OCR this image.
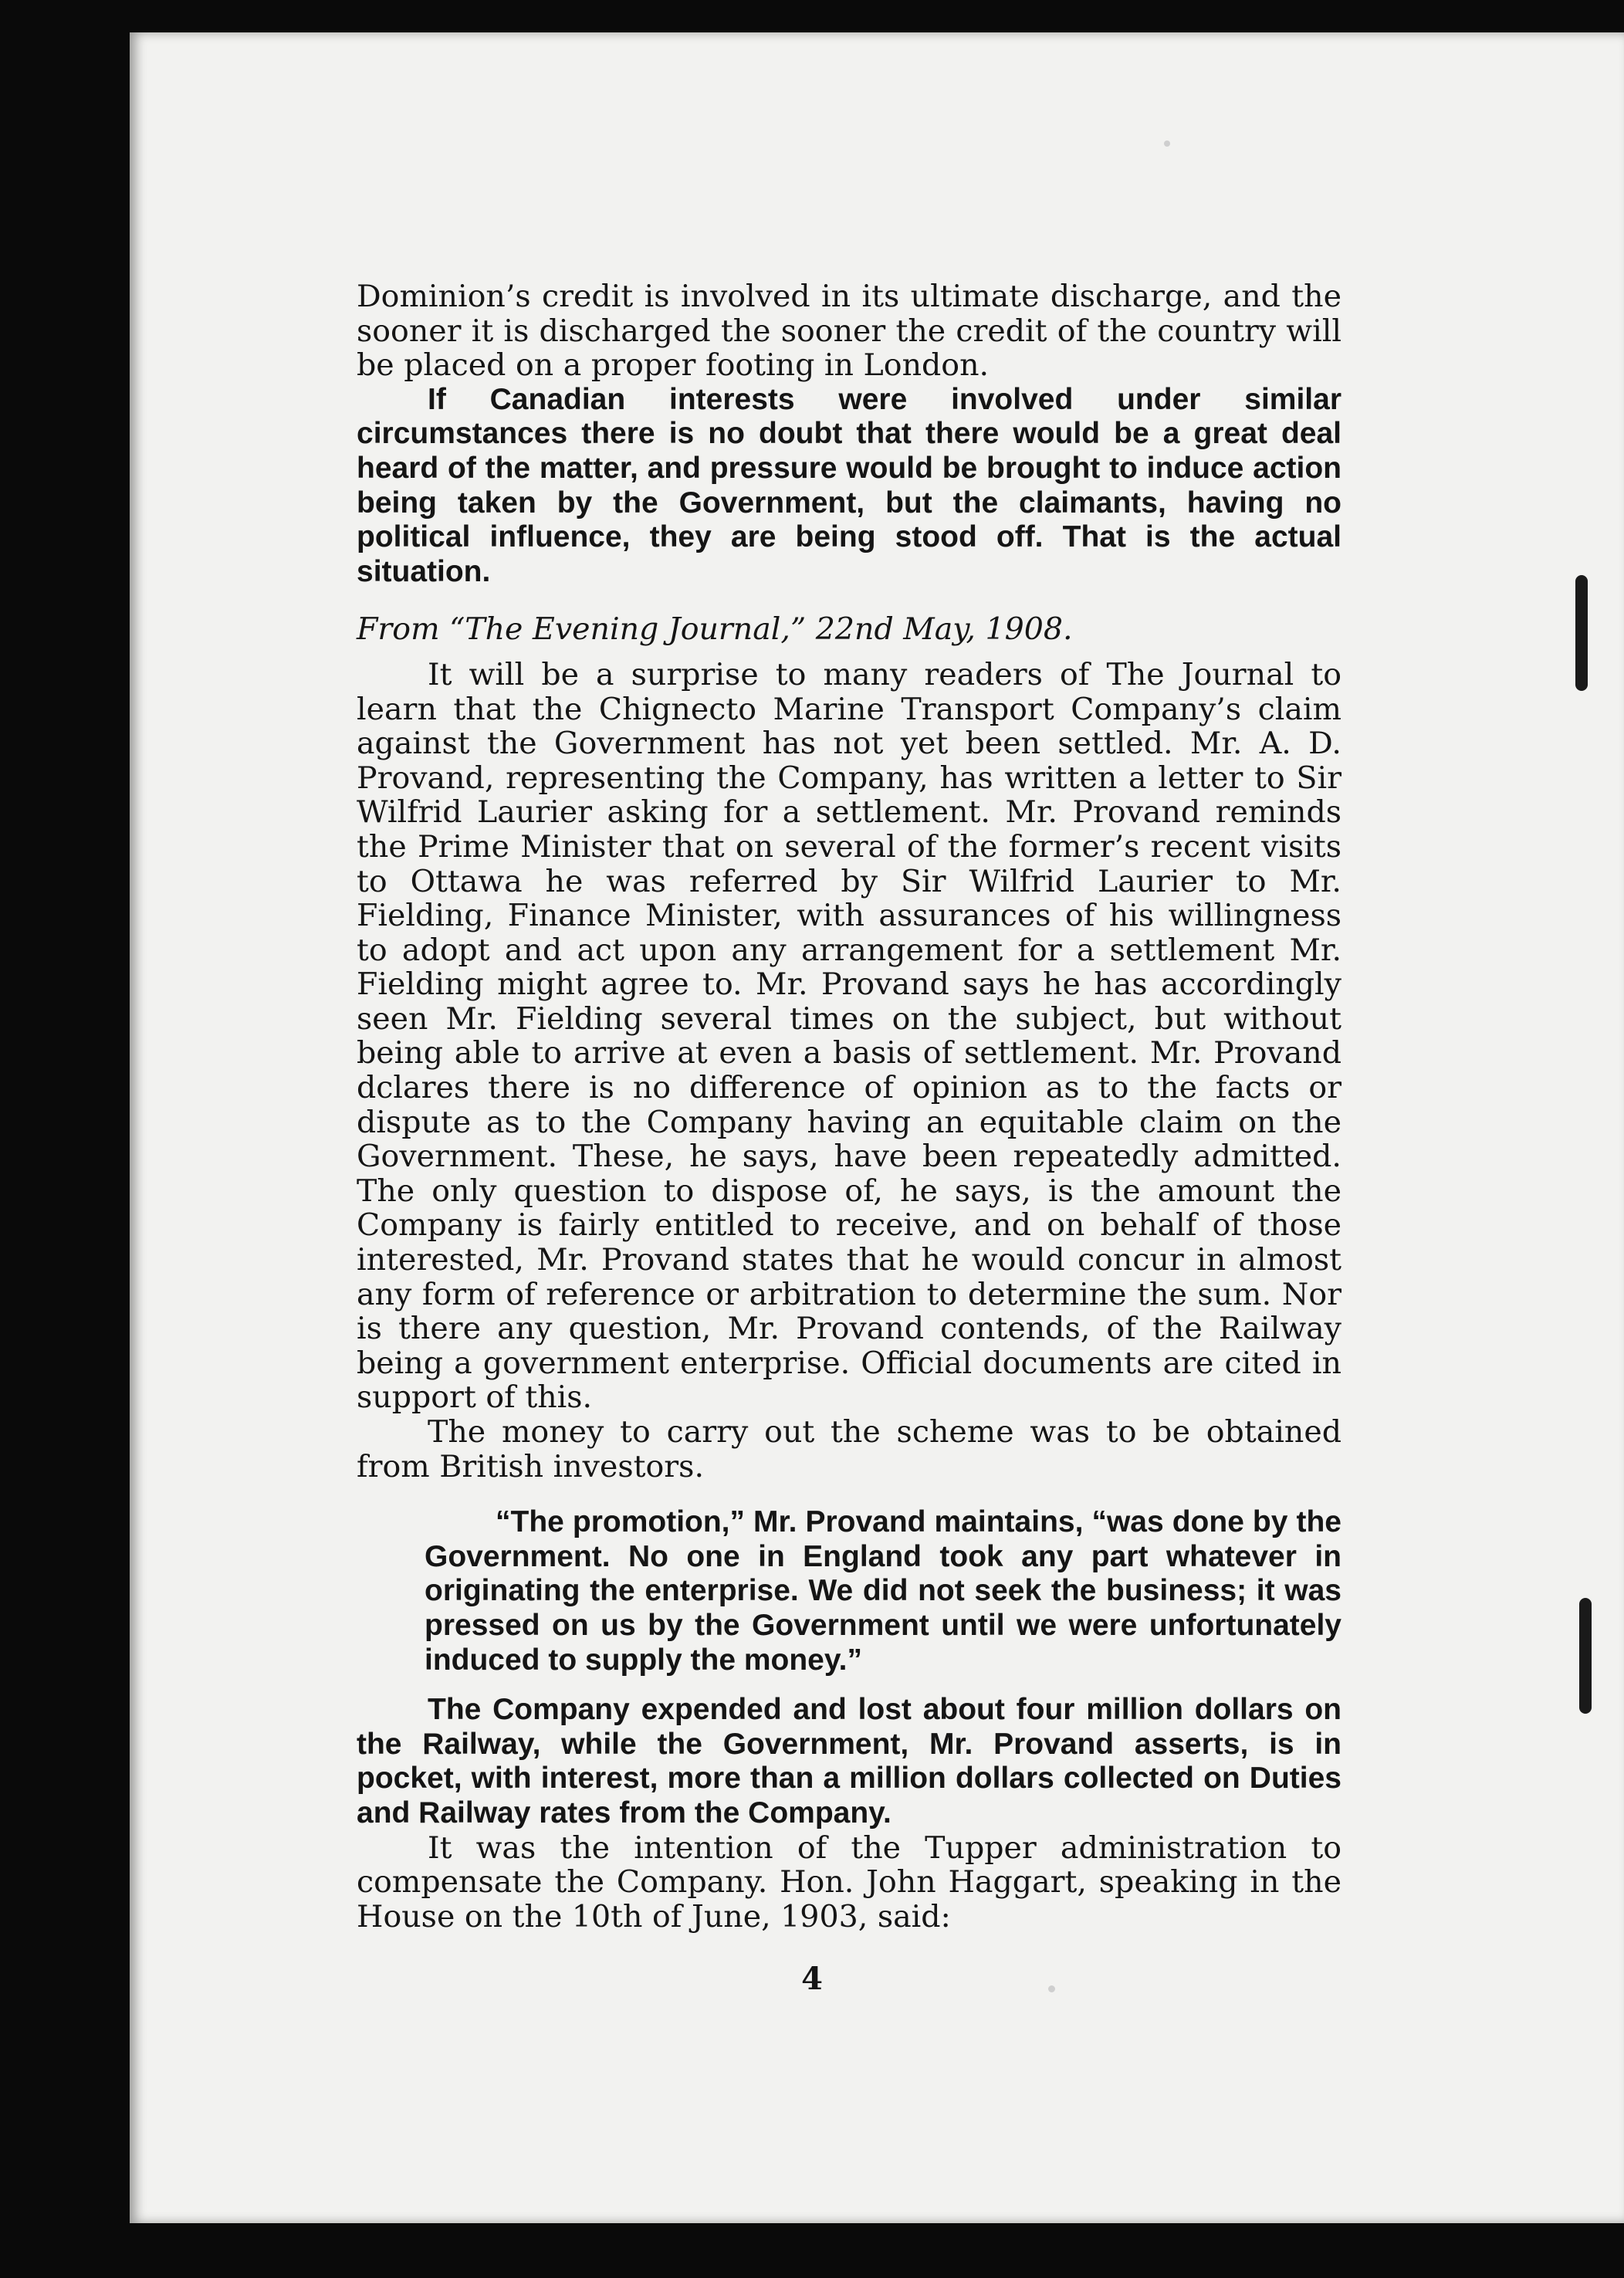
Dominion’s credit is involved in its ultimate discharge, and the sooner it is discharged the sooner the credit of the country will be placed on a proper footing in London.

If Canadian interests were involved under similar circumstances there is no doubt that there would be a great deal heard of the matter, and pressure would be brought to induce action being taken by the Government, but the claimants, having no political influence, they are being stood off. That is the actual situation.

From “The Evening Journal,” 22nd May, 1908.

It will be a surprise to many readers of The Journal to learn that the Chignecto Marine Transport Company’s claim against the Government has not yet been settled. Mr. A. D. Provand, representing the Company, has written a letter to Sir Wilfrid Laurier asking for a settlement. Mr. Provand reminds the Prime Minister that on several of the former’s recent visits to Ottawa he was referred by Sir Wilfrid Laurier to Mr. Fielding, Finance Minister, with assurances of his willingness to adopt and act upon any arrangement for a settlement Mr. Fielding might agree to. Mr. Provand says he has accordingly seen Mr. Fielding several times on the subject, but without being able to arrive at even a basis of settlement. Mr. Provand dclares there is no difference of opinion as to the facts or dispute as to the Company having an equitable claim on the Government. These, he says, have been repeatedly admitted. The only question to dispose of, he says, is the amount the Company is fairly entitled to receive, and on behalf of those interested, Mr. Provand states that he would concur in almost any form of reference or arbitration to determine the sum. Nor is there any question, Mr. Provand contends, of the Railway being a government enterprise. Official documents are cited in support of this.

The money to carry out the scheme was to be obtained from British investors.

“The promotion,” Mr. Provand maintains, “was done by the Government. No one in England took any part whatever in originating the enterprise. We did not seek the business; it was pressed on us by the Government until we were unfortunately induced to supply the money.”

The Company expended and lost about four million dollars on the Railway, while the Government, Mr. Provand asserts, is in pocket, with interest, more than a million dollars collected on Duties and Railway rates from the Company.

It was the intention of the Tupper administration to compensate the Company. Hon. John Haggart, speaking in the House on the 10th of June, 1903, said:

4
